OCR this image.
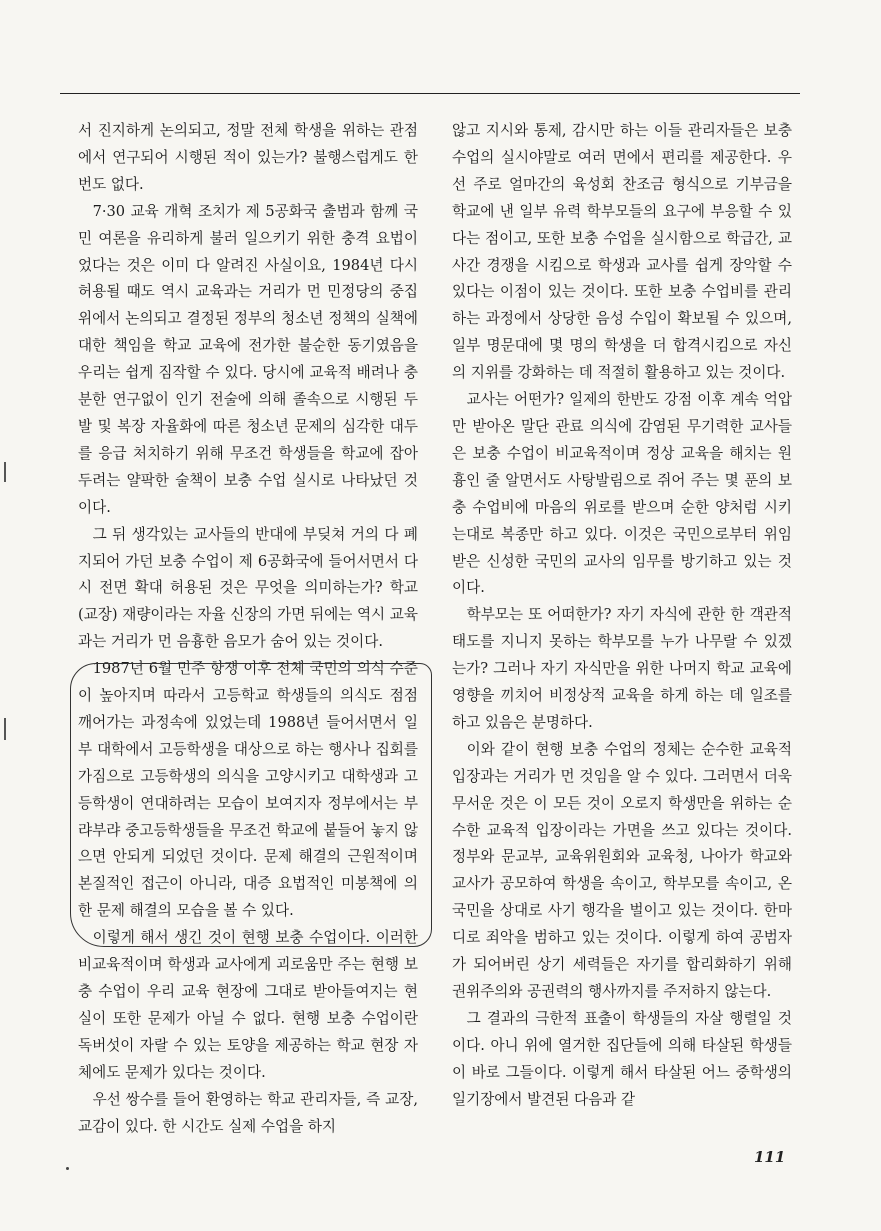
서 진지하게 논의되고, 정말 전체 학생을 위하는 관점에서 연구되어 시행된 적이 있는가? 불행스럽게도 한 번도 없다.
7·30 교육 개혁 조치가 제 5공화국 출범과 함께 국민 여론을 유리하게 불러 일으키기 위한 충격 요법이었다는 것은 이미 다 알려진 사실이요, 1984년 다시 허용될 때도 역시 교육과는 거리가 먼 민정당의 중집위에서 논의되고 결정된 정부의 청소년 정책의 실책에 대한 책임을 학교 교육에 전가한 불순한 동기였음을 우리는 쉽게 짐작할 수 있다. 당시에 교육적 배려나 충분한 연구없이 인기 전술에 의해 졸속으로 시행된 두발 및 복장 자율화에 따른 청소년 문제의 심각한 대두를 응급 처치하기 위해 무조건 학생들을 학교에 잡아두려는 얄팍한 술책이 보충 수업 실시로 나타났던 것이다.
그 뒤 생각있는 교사들의 반대에 부딪쳐 거의 다 폐지되어 가던 보충 수업이 제 6공화국에 들어서면서 다시 전면 확대 허용된 것은 무엇을 의미하는가? 학교(교장) 재량이라는 자율 신장의 가면 뒤에는 역시 교육과는 거리가 먼 음흉한 음모가 숨어 있는 것이다.
1987년 6월 민주 항쟁 이후 전체 국민의 의식 수준이 높아지며 따라서 고등학교 학생들의 의식도 점점 깨어가는 과정속에 있었는데 1988년 들어서면서 일부 대학에서 고등학생을 대상으로 하는 행사나 집회를 가짐으로 고등학생의 의식을 고양시키고 대학생과 고등학생이 연대하려는 모습이 보여지자 정부에서는 부랴부랴 중고등학생들을 무조건 학교에 붙들어 놓지 않으면 안되게 되었던 것이다. 문제 해결의 근원적이며 본질적인 접근이 아니라, 대증 요법적인 미봉책에 의한 문제 해결의 모습을 볼 수 있다.
이렇게 해서 생긴 것이 현행 보충 수업이다. 이러한 비교육적이며 학생과 교사에게 괴로움만 주는 현행 보충 수업이 우리 교육 현장에 그대로 받아들여지는 현실이 또한 문제가 아닐 수 없다. 현행 보충 수업이란 독버섯이 자랄 수 있는 토양을 제공하는 학교 현장 자체에도 문제가 있다는 것이다.
우선 쌍수를 들어 환영하는 학교 관리자들, 즉 교장, 교감이 있다. 한 시간도 실제 수업을 하지
않고 지시와 통제, 감시만 하는 이들 관리자들은 보충 수업의 실시야말로 여러 면에서 편리를 제공한다. 우선 주로 얼마간의 육성회 찬조금 형식으로 기부금을 학교에 낸 일부 유력 학부모들의 요구에 부응할 수 있다는 점이고, 또한 보충 수업을 실시함으로 학급간, 교사간 경쟁을 시킴으로 학생과 교사를 쉽게 장악할 수 있다는 이점이 있는 것이다. 또한 보충 수업비를 관리하는 과정에서 상당한 음성 수입이 확보될 수 있으며, 일부 명문대에 몇 명의 학생을 더 합격시킴으로 자신의 지위를 강화하는 데 적절히 활용하고 있는 것이다.
교사는 어떤가? 일제의 한반도 강점 이후 계속 억압만 받아온 말단 관료 의식에 감염된 무기력한 교사들은 보충 수업이 비교육적이며 정상 교육을 해치는 원흉인 줄 알면서도 사탕발림으로 쥐어 주는 몇 푼의 보충 수업비에 마음의 위로를 받으며 순한 양처럼 시키는대로 복종만 하고 있다. 이것은 국민으로부터 위임받은 신성한 국민의 교사의 임무를 방기하고 있는 것이다.
학부모는 또 어떠한가? 자기 자식에 관한 한 객관적 태도를 지니지 못하는 학부모를 누가 나무랄 수 있겠는가? 그러나 자기 자식만을 위한 나머지 학교 교육에 영향을 끼치어 비정상적 교육을 하게 하는 데 일조를 하고 있음은 분명하다.
이와 같이 현행 보충 수업의 정체는 순수한 교육적 입장과는 거리가 먼 것임을 알 수 있다. 그러면서 더욱 무서운 것은 이 모든 것이 오로지 학생만을 위하는 순수한 교육적 입장이라는 가면을 쓰고 있다는 것이다. 정부와 문교부, 교육위원회와 교육청, 나아가 학교와 교사가 공모하여 학생을 속이고, 학부모를 속이고, 온 국민을 상대로 사기 행각을 벌이고 있는 것이다. 한마디로 죄악을 범하고 있는 것이다. 이렇게 하여 공범자가 되어버린 상기 세력들은 자기를 합리화하기 위해 권위주의와 공권력의 행사까지를 주저하지 않는다.
그 결과의 극한적 표출이 학생들의 자살 행렬일 것이다. 아니 위에 열거한 집단들에 의해 타살된 학생들이 바로 그들이다. 이렇게 해서 타살된 어느 중학생의 일기장에서 발견된 다음과 같
111
